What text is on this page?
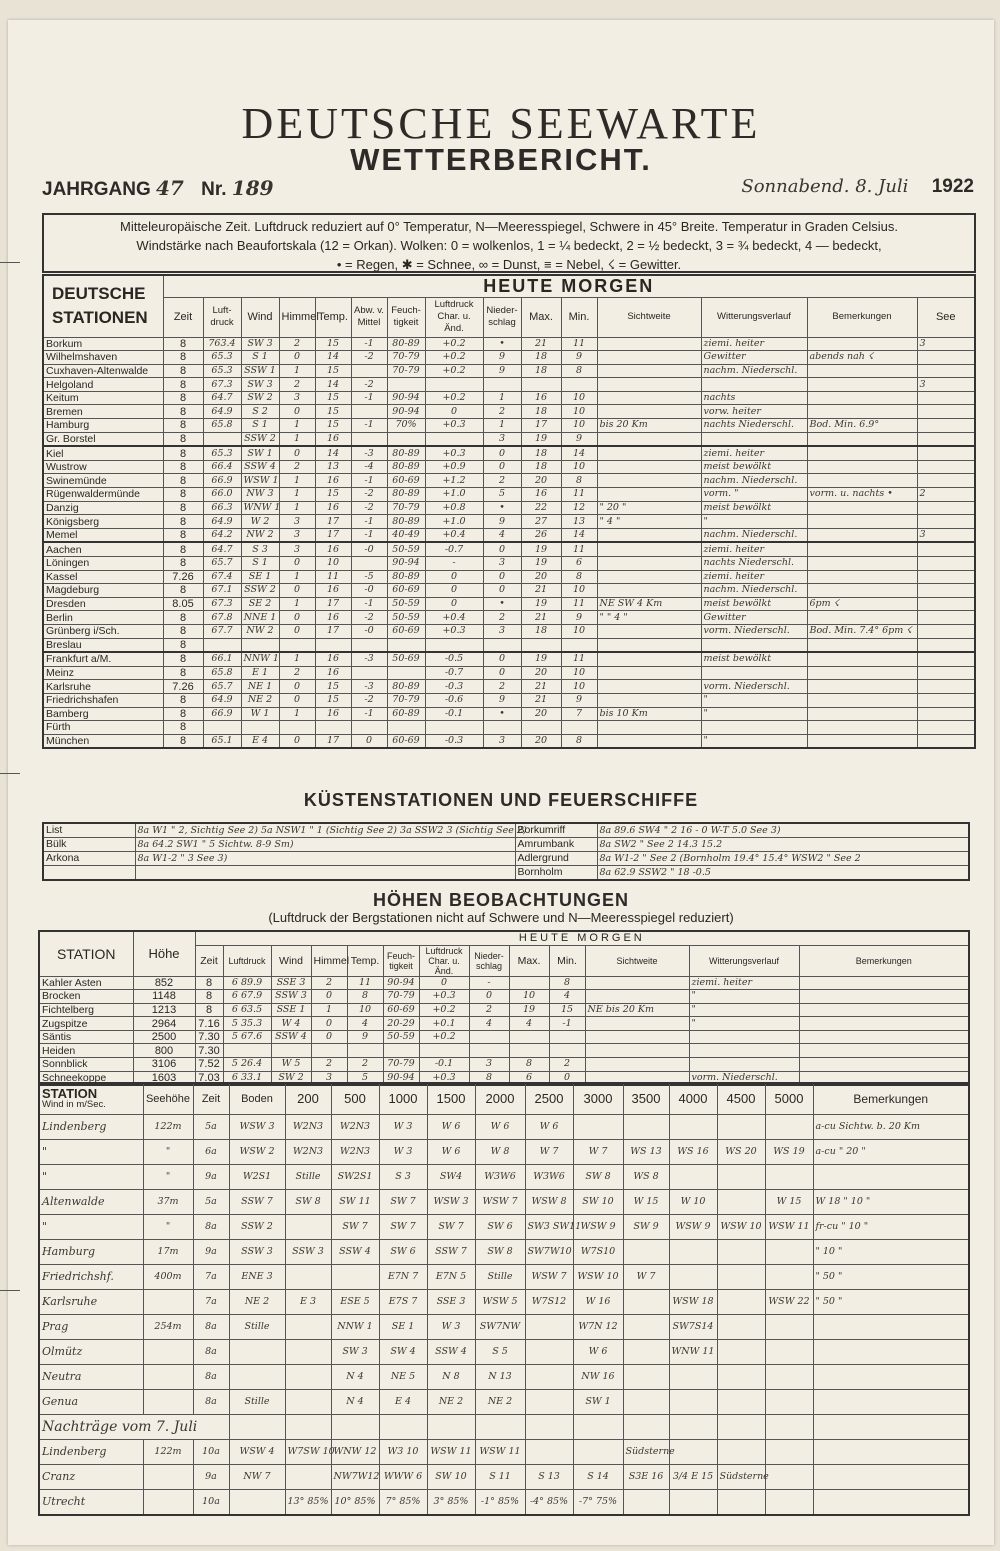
DEUTSCHE SEEWARTE
WETTERBERICHT.
JAHRGANG 47 Nr. 189	Sonnabend. 8. Juli 1922
Mitteleuropäische Zeit. Luftdruck reduziert auf 0° Temperatur, N—Meeresspiegel, Schwere in 45° Breite. Temperatur in Graden Celsius.
Windstärke nach Beaufortskala (12 = Orkan). Wolken: 0 = wolkenlos, 1 = ¼ bedeckt, 2 = ½ bedeckt, 3 = ¾ bedeckt, 4 — bedeckt,
• = Regen, ✱ = Schnee, ∞ = Dunst, ≡ = Nebel, ☇ = Gewitter.
DEUTSCHE STATIONEN	HEUTE MORGEN														
	Zeit	Luft-druck	Wind	Himmel	Temp.	Abw. v. Mittel	Feuch-tigkeit	Luftdruck Char. u. Änd.	Nieder-schlag	Max.	Min.	Sichtweite	Witterungsverlauf	Bemerkungen	See
Borkum	8	763.4	SW 3	2	15	-1	80-89	+0.2	•	21	11		ziemi. heiter		3
Wilhelmshaven	8	65.3	S 1	0	14	-2	70-79	+0.2	9	18	9		Gewitter	abends nah ☇	
Cuxhaven-Altenwalde	8	65.3	SSW 1	1	15		70-79	+0.2	9	18	8		nachm. Niederschl.		
Helgoland	8	67.3	SW 3	2	14	-2									3
Keitum	8	64.7	SW 2	3	15	-1	90-94	+0.2	1	16	10		nachts		
Bremen	8	64.9	S 2	0	15		90-94	0	2	18	10		vorw. heiter		
Hamburg	8	65.8	S 1	1	15	-1	70%	+0.3	1	17	10	bis 20 Km	nachts Niederschl.	Bod. Min. 6.9°	
Gr. Borstel	8		SSW 2	1	16				3	19	9				
Kiel	8	65.3	SW 1	0	14	-3	80-89	+0.3	0	18	14		ziemi. heiter		
Wustrow	8	66.4	SSW 4	2	13	-4	80-89	+0.9	0	18	10		meist bewölkt		
Swinemünde	8	66.9	WSW 1	1	16	-1	60-69	+1.2	2	20	8		nachm. Niederschl.		
Rügenwaldermünde	8	66.0	NW 3	1	15	-2	80-89	+1.0	5	16	11		vorm. "	vorm. u. nachts •	2
Danzig	8	66.3	WNW 1	1	16	-2	70-79	+0.8	•	22	12	" 20 "	meist bewölkt		
Königsberg	8	64.9	W 2	3	17	-1	80-89	+1.0	9	27	13	" 4 "	"		
Memel	8	64.2	NW 2	3	17	-1	40-49	+0.4	4	26	14		nachm. Niederschl.		3
Aachen	8	64.7	S 3	3	16	-0	50-59	-0.7	0	19	11		ziemi. heiter		
Löningen	8	65.7	S 1	0	10		90-94	-	3	19	6		nachts Niederschl.		
Kassel	7.26	67.4	SE 1	1	11	-5	80-89	0	0	20	8		ziemi. heiter		
Magdeburg	8	67.1	SSW 2	0	16	-0	60-69	0	0	21	10		nachm. Niederschl.		
Dresden	8.05	67.3	SE 2	1	17	-1	50-59	0	•	19	11	NE SW 4 Km	meist bewölkt	6pm ☇	
Berlin	8	67.8	NNE 1	0	16	-2	50-59	+0.4	2	21	9	" " 4 "	Gewitter		
Grünberg i/Sch.	8	67.7	NW 2	0	17	-0	60-69	+0.3	3	18	10		vorm. Niederschl.	Bod. Min. 7.4° 6pm ☇	
Breslau	8														
Frankfurt a/M.	8	66.1	NNW 1	1	16	-3	50-69	-0.5	0	19	11		meist bewölkt		
Meinz	8	65.8	E 1	2	16			-0.7	0	20	10				
Karlsruhe	7.26	65.7	NE 1	0	15	-3	80-89	-0.3	2	21	10		vorm. Niederschl.		
Friedrichshafen	8	64.9	NE 2	0	15	-2	70-79	-0.6	9	21	9		"		
Bamberg	8	66.9	W 1	1	16	-1	60-89	-0.1	•	20	7	bis 10 Km	"		
Fürth	8														
München	8	65.1	E 4	0	17	0	60-69	-0.3	3	20	8		"		
KÜSTENSTATIONEN UND FEUERSCHIFFE
List	8a W1 " 2, Sichtig See 2) 5a NSW1 " 1 (Sichtig See 2) 3a SSW2 3 (Sichtig See 2)	Borkumriff	8a 89.6 SW4 " 2 16 - 0 W-T 5.0 See 3)
Bülk	8a 64.2 SW1 " 5 Sichtw. 8-9 Sm)	Amrumbank	8a SW2 " See 2 14.3 15.2
Arkona	8a W1-2 " 3 See 3)	Adlergrund	8a W1-2 " See 2 (Bornholm 19.4° 15.4° WSW2 " See 2
		Bornholm	8a 62.9 SSW2 " 18 -0.5
HÖHEN BEOBACHTUNGEN
(Luftdruck der Bergstationen nicht auf Schwere und N—Meeresspiegel reduziert)
STATION	Höhe	HEUTE MORGEN												
		Zeit	Luftdruck	Wind	Himmel	Temp.	Feuch-tigkeit	Luftdruck Char. u. Änd.	Nieder-schlag	Max.	Min.	Sichtweite	Witterungsverlauf	Bemerkungen
Kahler Asten	852	8	6 89.9	SSE 3	2	11	90-94	0	-		8		ziemi. heiter	
Brocken	1148	8	6 67.9	SSW 3	0	8	70-79	+0.3	0	10	4		"	
Fichtelberg	1213	8	6 63.5	SSE 1	1	10	60-69	+0.2	2	19	15	NE bis 20 Km	"	
Zugspitze	2964	7.16	5 35.3	W 4	0	4	20-29	+0.1	4	4	-1		"	
Säntis	2500	7.30	5 67.6	SSW 4	0	9	50-59	+0.2						
Heiden	800	7.30												
Sonnblick	3106	7.52	5 26.4	W 5	2	2	70-79	-0.1	3	8	2			
Schneekoppe	1603	7.03	6 33.1	SW 2	3	5	90-94	+0.3	8	6	0		vorm. Niederschl.	
STATION
Wind in m/Sec.	Seehöhe	Zeit	Boden	200	500	1000	1500	2000	2500	3000	3500	4000	4500	5000	Bemerkungen
Lindenberg	122m	5a	WSW 3	W2N3	W2N3	W 3	W 6	W 6	W 6						a-cu Sichtw. b. 20 Km
"	"	6a	WSW 2	W2N3	W2N3	W 3	W 6	W 8	W 7	W 7	WS 13	WS 16	WS 20	WS 19	a-cu " 20 "
"	"	9a	W2S1	Stille	SW2S1	S 3	SW4	W3W6	W3W6	SW 8	WS 8				
Altenwalde	37m	5a	SSW 7	SW 8	SW 11	SW 7	WSW 3	WSW 7	WSW 8	SW 10	W 15	W 10		W 15	W 18 " 10 "
"	"	8a	SSW 2		SW 7	SW 7	SW 7	SW 6	SW3 SW11	WSW 9	SW 9	WSW 9	WSW 10	WSW 11	fr-cu " 10 "
Hamburg	17m	9a	SSW 3	SSW 3	SSW 4	SW 6	SSW 7	SW 8	SW7W10	W7S10					" 10 "
Friedrichshf.	400m	7a	ENE 3			E7N 7	E7N 5	Stille	WSW 7	WSW 10	W 7				" 50 "
Karlsruhe		7a	NE 2	E 3	ESE 5	E7S 7	SSE 3	WSW 5	W7S12	W 16		WSW 18		WSW 22	" 50 "
Prag	254m	8a	Stille		NNW 1	SE 1	W 3	SW7NW		W7N 12		SW7S14			
Olmütz		8a			SW 3	SW 4	SSW 4	S 5		W 6		WNW 11			
Neutra		8a			N 4	NE 5	N 8	N 13		NW 16					
Genua		8a	Stille		N 4	E 4	NE 2	NE 2		SW 1					
Nachträge vom 7. Juli															
Lindenberg	122m	10a	WSW 4	W7SW 10	WNW 12	W3 10	WSW 11	WSW 11			Südsterne				
Cranz		9a	NW 7		NW7W12	WWW 6	SW 10	S 11	S 13	S 14	S3E 16	3/4 E 15	Südsterne		
Utrecht		10a		13° 85%	10° 85%	7° 85%	3° 85%	-1° 85%	-4° 85%	-7° 75%					
